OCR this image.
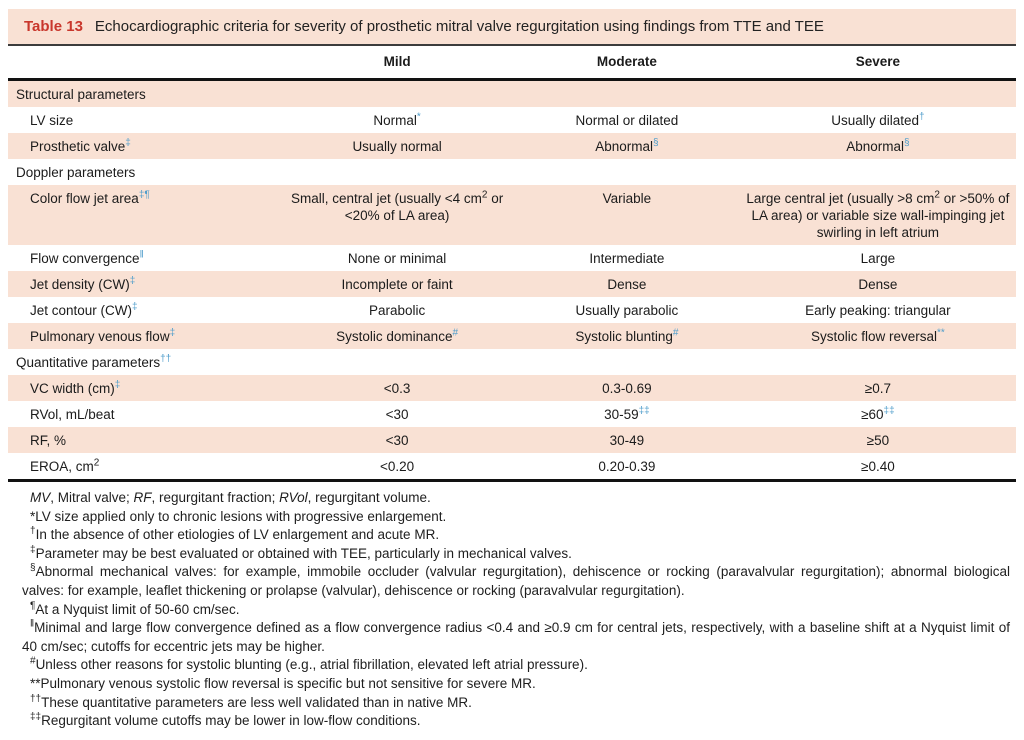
Table 13 Echocardiographic criteria for severity of prosthetic mitral valve regurgitation using findings from TTE and TEE
	Mild	Moderate	Severe
Structural parameters			
LV size	Normal*	Normal or dilated	Usually dilated†
Prosthetic valve‡	Usually normal	Abnormal§	Abnormal§
Doppler parameters			
Color flow jet area‡¶	Small, central jet (usually <4 $cm^2$ or <20% of LA area)	Variable	Large central jet (usually >8 $cm^2$ or >50% of LA area) or variable size wall-impinging jet swirling in left atrium
Flow convergence‖	None or minimal	Intermediate	Large
Jet density (CW)‡	Incomplete or faint	Dense	Dense
Jet contour (CW)‡	Parabolic	Usually parabolic	Early peaking: triangular
Pulmonary venous flow‡	Systolic dominance#	Systolic blunting#	Systolic flow reversal**
Quantitative parameters††
VC width (cm)‡	<0.3	0.3-0.69	≥0.7
RVol, mL/beat	<30	30-59‡‡	≥60‡‡
RF, %	<30	30-49	≥50
EROA, $cm^2$	<0.20	0.20-0.39	≥0.40
MV, Mitral valve; RF, regurgitant fraction; RVol, regurgitant volume.
*LV size applied only to chronic lesions with progressive enlargement.
†In the absence of other etiologies of LV enlargement and acute MR.
‡Parameter may be best evaluated or obtained with TEE, particularly in mechanical valves.
§Abnormal mechanical valves: for example, immobile occluder (valvular regurgitation), dehiscence or rocking (paravalvular regurgitation); abnormal biological valves: for example, leaflet thickening or prolapse (valvular), dehiscence or rocking (paravalvular regurgitation).
¶At a Nyquist limit of 50-60 cm/sec.
‖Minimal and large flow convergence defined as a flow convergence radius <0.4 and ≥0.9 cm for central jets, respectively, with a baseline shift at a Nyquist limit of 40 cm/sec; cutoffs for eccentric jets may be higher.
#Unless other reasons for systolic blunting (e.g., atrial fibrillation, elevated left atrial pressure).
**Pulmonary venous systolic flow reversal is specific but not sensitive for severe MR.
††These quantitative parameters are less well validated than in native MR.
‡‡Regurgitant volume cutoffs may be lower in low-flow conditions.
